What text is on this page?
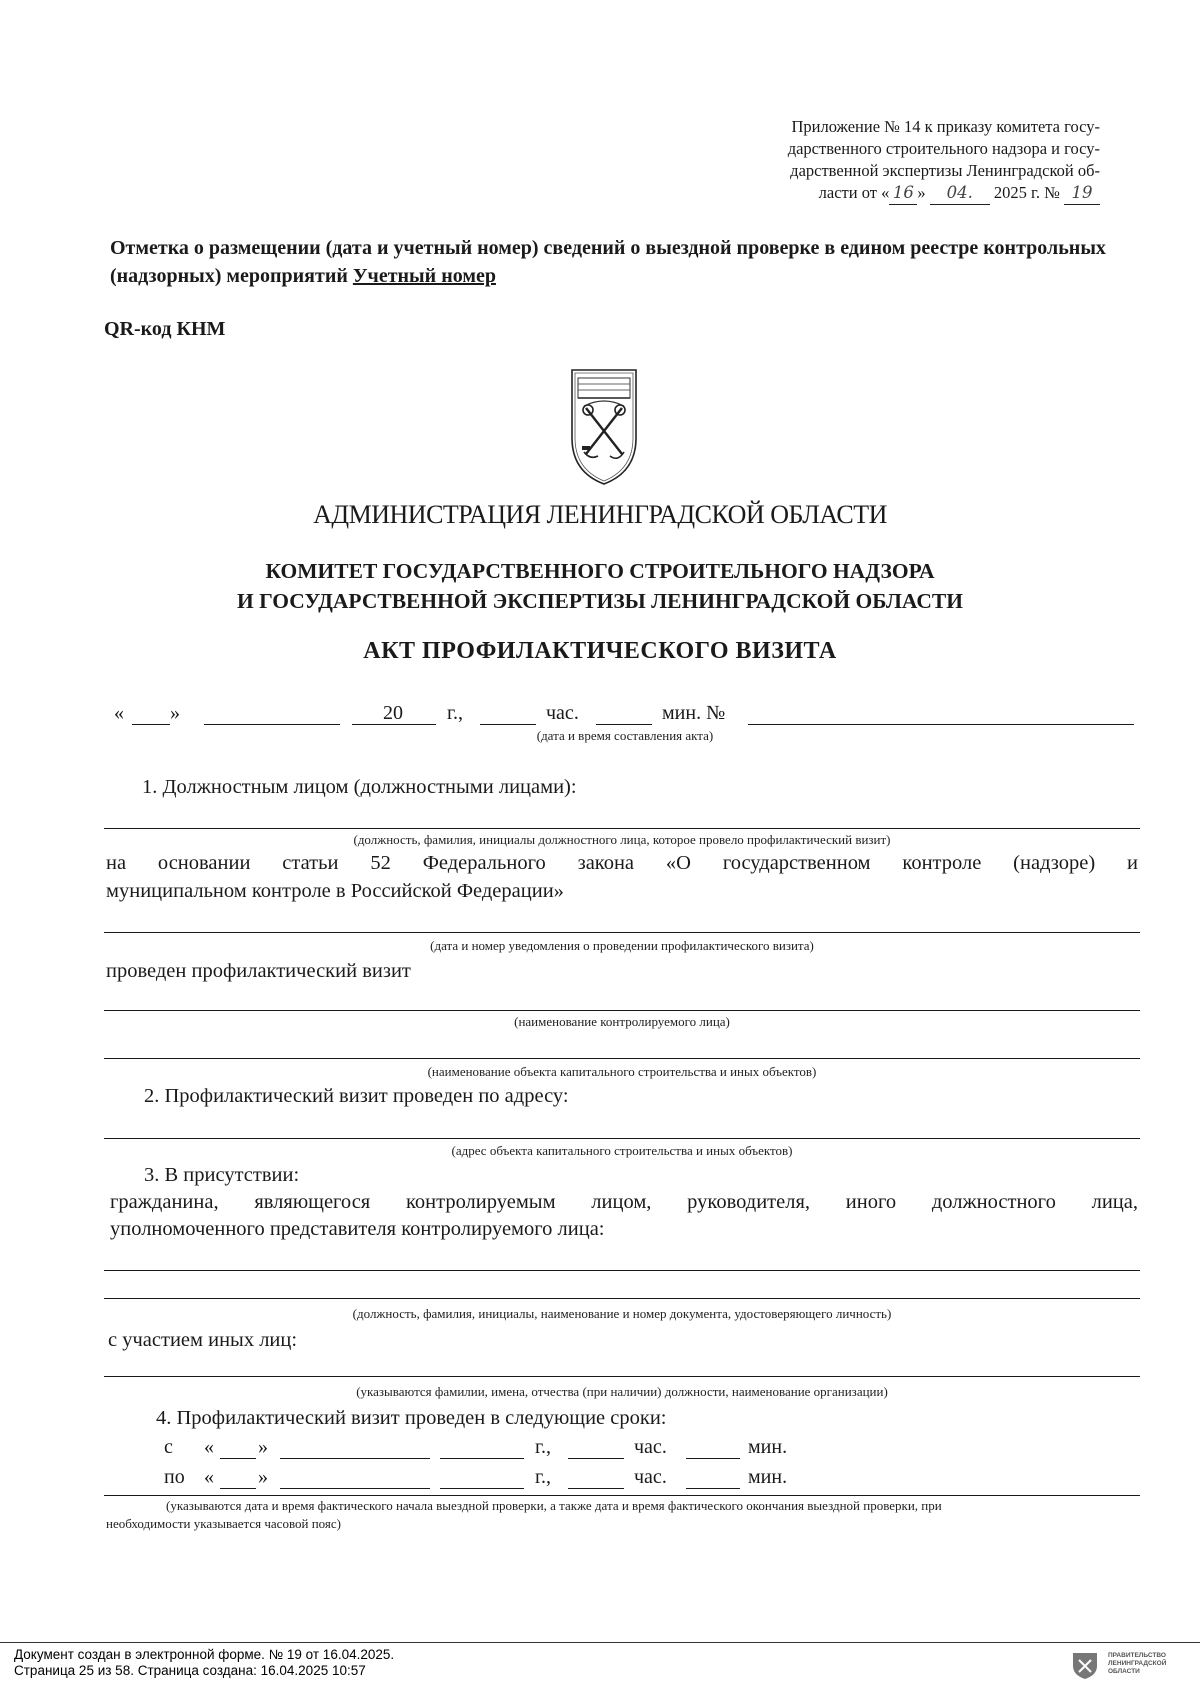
Приложение № 14 к приказу комитета госу-дарственного строительного надзора и госу-дарственной экспертизы Ленинградской об-
ласти от « 16 » 04. 2025 г. № 19
Отметка о размещении (дата и учетный номер) сведений о выездной проверке в едином реестре контрольных (надзорных) мероприятий Учетный номер
QR-код КНМ
АДМИНИСТРАЦИЯ ЛЕНИНГРАДСКОЙ ОБЛАСТИ
КОМИТЕТ ГОСУДАРСТВЕННОГО СТРОИТЕЛЬНОГО НАДЗОРА
И ГОСУДАРСТВЕННОЙ ЭКСПЕРТИЗЫ ЛЕНИНГРАДСКОЙ ОБЛАСТИ
АКТ ПРОФИЛАКТИЧЕСКОГО ВИЗИТА
« »	20 г.,	час.	мин. №
(дата и время составления акта)
1. Должностным лицом (должностными лицами):
(должность, фамилия, инициалы должностного лица, которое провело профилактический визит)
на основании статьи 52 Федерального закона «О государственном контроле (надзоре) и
муниципальном контроле в Российской Федерации»
(дата и номер уведомления о проведении профилактического визита)
проведен профилактический визит
(наименование контролируемого лица)
(наименование объекта капитального строительства и иных объектов)
2. Профилактический визит проведен по адресу:
(адрес объекта капитального строительства и иных объектов)
3. В присутствии:
гражданина, являющегося контролируемым лицом, руководителя, иного должностного лица,
уполномоченного представителя контролируемого лица:
(должность, фамилия, инициалы, наименование и номер документа, удостоверяющего личность)
с участием иных лиц:
(указываются фамилии, имена, отчества (при наличии) должности, наименование организации)
4. Профилактический визит проведен в следующие сроки:
с « »	г.,	час.	мин.
по « »	г.,	час.	мин.
(указываются дата и время фактического начала выездной проверки, а также дата и время фактического окончания выездной проверки, при
необходимости указывается часовой пояс)
Документ создан в электронной форме. № 19 от 16.04.2025.
Страница 25 из 58. Страница создана: 16.04.2025 10:57
ПРАВИТЕЛЬСТВО
ЛЕНИНГРАДСКОЙ
ОБЛАСТИ
